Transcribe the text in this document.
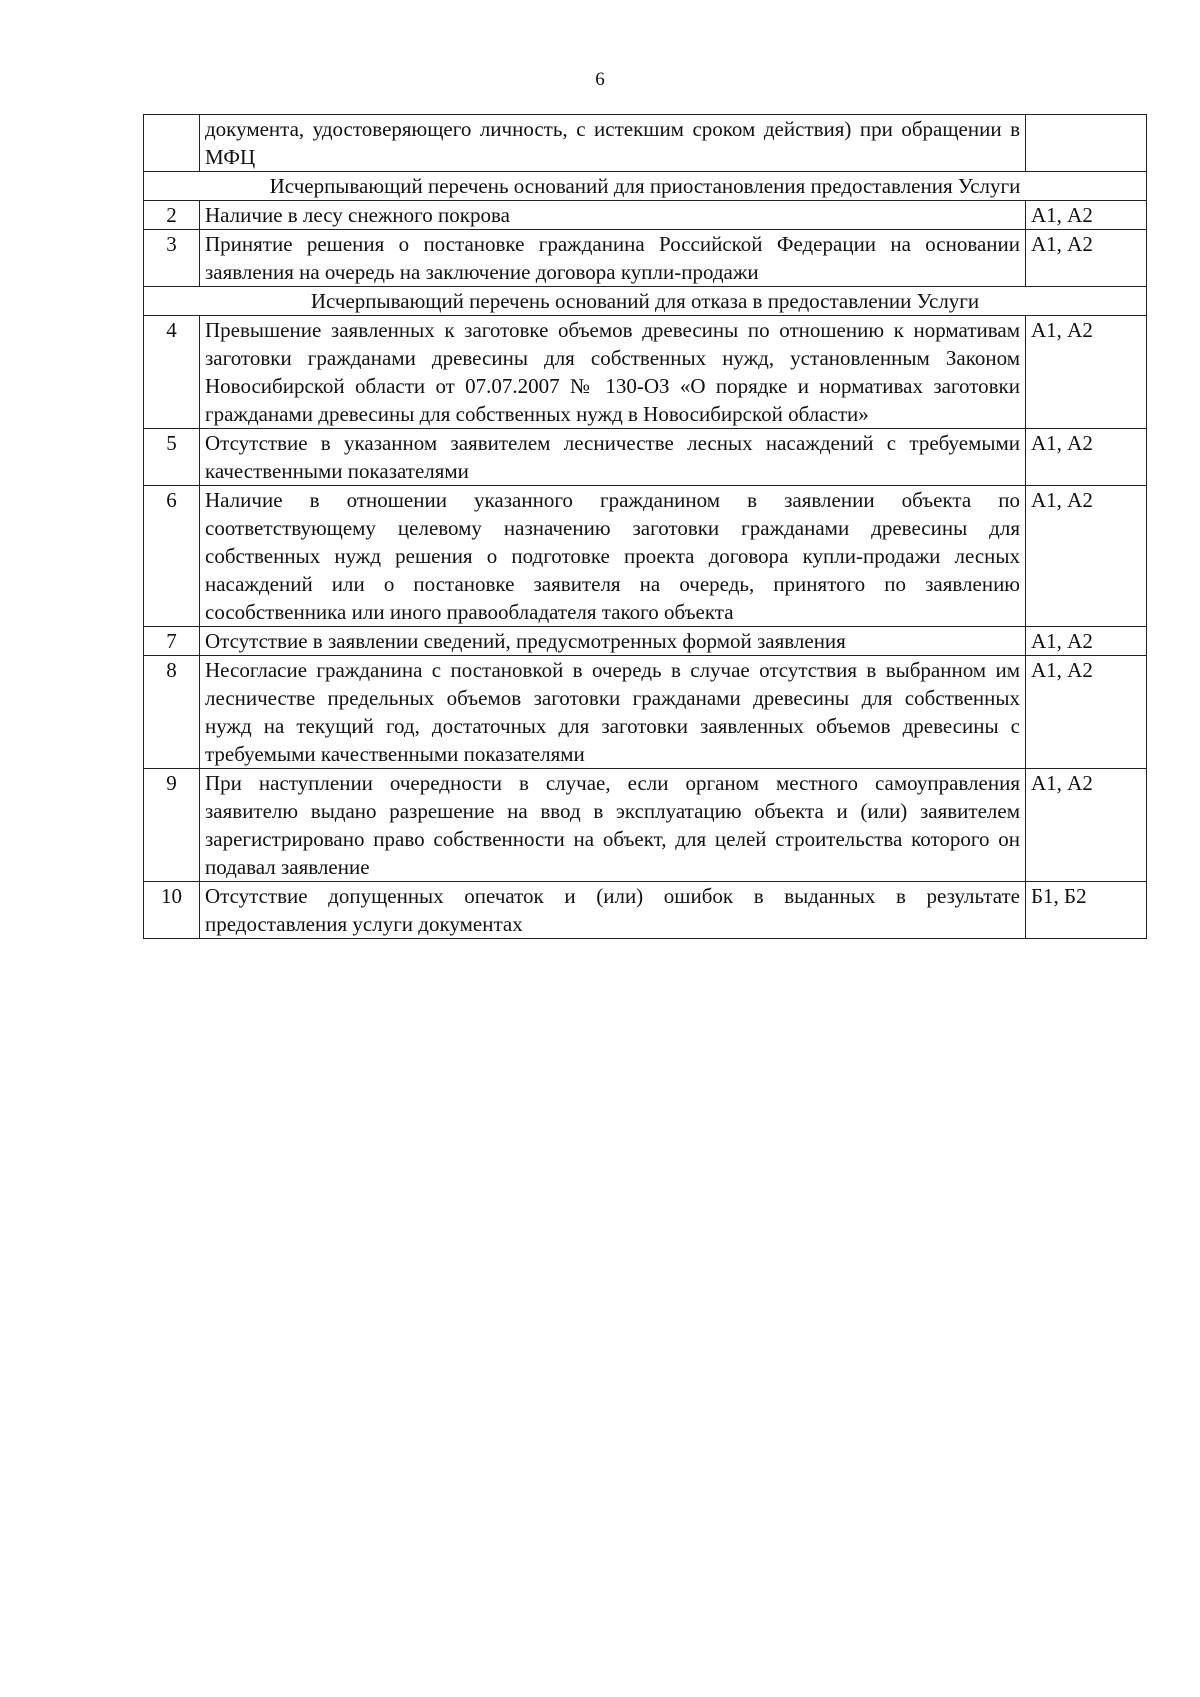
6
	документа, удостоверяющего личность, с истекшим сроком действия) при обращении в МФЦ	
Исчерпывающий перечень оснований для приостановления предоставления Услуги		
2	Наличие в лесу снежного покрова	А1, А2
3	Принятие решения о постановке гражданина Российской Федерации на основании заявления на очередь на заключение договора купли-продажи	А1, А2
Исчерпывающий перечень оснований для отказа в предоставлении Услуги		
4	Превышение заявленных к заготовке объемов древесины по отношению к нормативам заготовки гражданами древесины для собственных нужд, установленным Законом Новосибирской области от 07.07.2007 № 130-ОЗ «О порядке и нормативах заготовки гражданами древесины для собственных нужд в Новосибирской области»	А1, А2
5	Отсутствие в указанном заявителем лесничестве лесных насаждений с требуемыми качественными показателями	А1, А2
6	Наличие в отношении указанного гражданином в заявлении объекта по соответствующему целевому назначению заготовки гражданами древесины для собственных нужд решения о подготовке проекта договора купли-продажи лесных насаждений или о постановке заявителя на очередь, принятого по заявлению сособственника или иного правообладателя такого объекта	А1, А2
7	Отсутствие в заявлении сведений, предусмотренных формой заявления	А1, А2
8	Несогласие гражданина с постановкой в очередь в случае отсутствия в выбранном им лесничестве предельных объемов заготовки гражданами древесины для собственных нужд на текущий год, достаточных для заготовки заявленных объемов древесины с требуемыми качественными показателями	А1, А2
9	При наступлении очередности в случае, если органом местного самоуправления заявителю выдано разрешение на ввод в эксплуатацию объекта и (или) заявителем зарегистрировано право собственности на объект, для целей строительства которого он подавал заявление	А1, А2
10	Отсутствие допущенных опечаток и (или) ошибок в выданных в результате предоставления услуги документах	Б1, Б2
